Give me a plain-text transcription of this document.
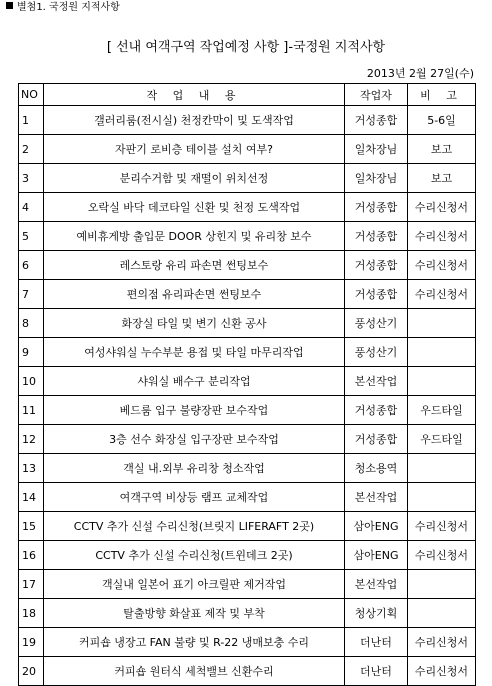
별첨1. 국정원 지적사항
[ 선내 여객구역 작업예정 사항 ]-국정원 지적사항
2013년 2월 27일(수)
NO	작 업 내 용	작업자	비 고
1	갤러리룸(전시실) 천정칸막이 및 도색작업	거성종합	5-6일
2	자판기 로비층 테이블 설치 여부?	일차장님	보고
3	분리수거함 및 재떨이 위치선정	일차장님	보고
4	오락실 바닥 데코타일 신환 및 천정 도색작업	거성종합	수리신청서
5	예비휴게방 출입문 DOOR 상힌지 및 유리창 보수	거성종합	수리신청서
6	레스토랑 유리 파손면 썬팅보수	거성종합	수리신청서
7	편의점 유리파손면 썬팅보수	거성종합	수리신청서
8	화장실 타일 및 변기 신환 공사	풍성산기	
9	여성샤워실 누수부분 용접 및 타일 마무리작업	풍성산기	
10	샤워실 배수구 분리작업	본선작업	
11	베드룸 입구 불량장판 보수작업	거성종합	우드타일
12	3층 선수 화장실 입구장판 보수작업	거성종합	우드타일
13	객실 내.외부 유리창 청소작업	청소용역	
14	여객구역 비상등 램프 교체작업	본선작업	
15	CCTV 추가 신설 수리신청(브릿지 LIFERAFT 2곳)	삼아ENG	수리신청서
16	CCTV 추가 신설 수리신청(트윈데크 2곳)	삼아ENG	수리신청서
17	객실내 일본어 표기 아크릴판 제거작업	본선작업	
18	탈출방향 화살표 제작 및 부착	청상기획	
19	커피숍 냉장고 FAN 불량 및 R-22 냉매보충 수리	더난터	수리신청서
20	커피숍 원터식 세척밸브 신환수리	더난터	수리신청서
